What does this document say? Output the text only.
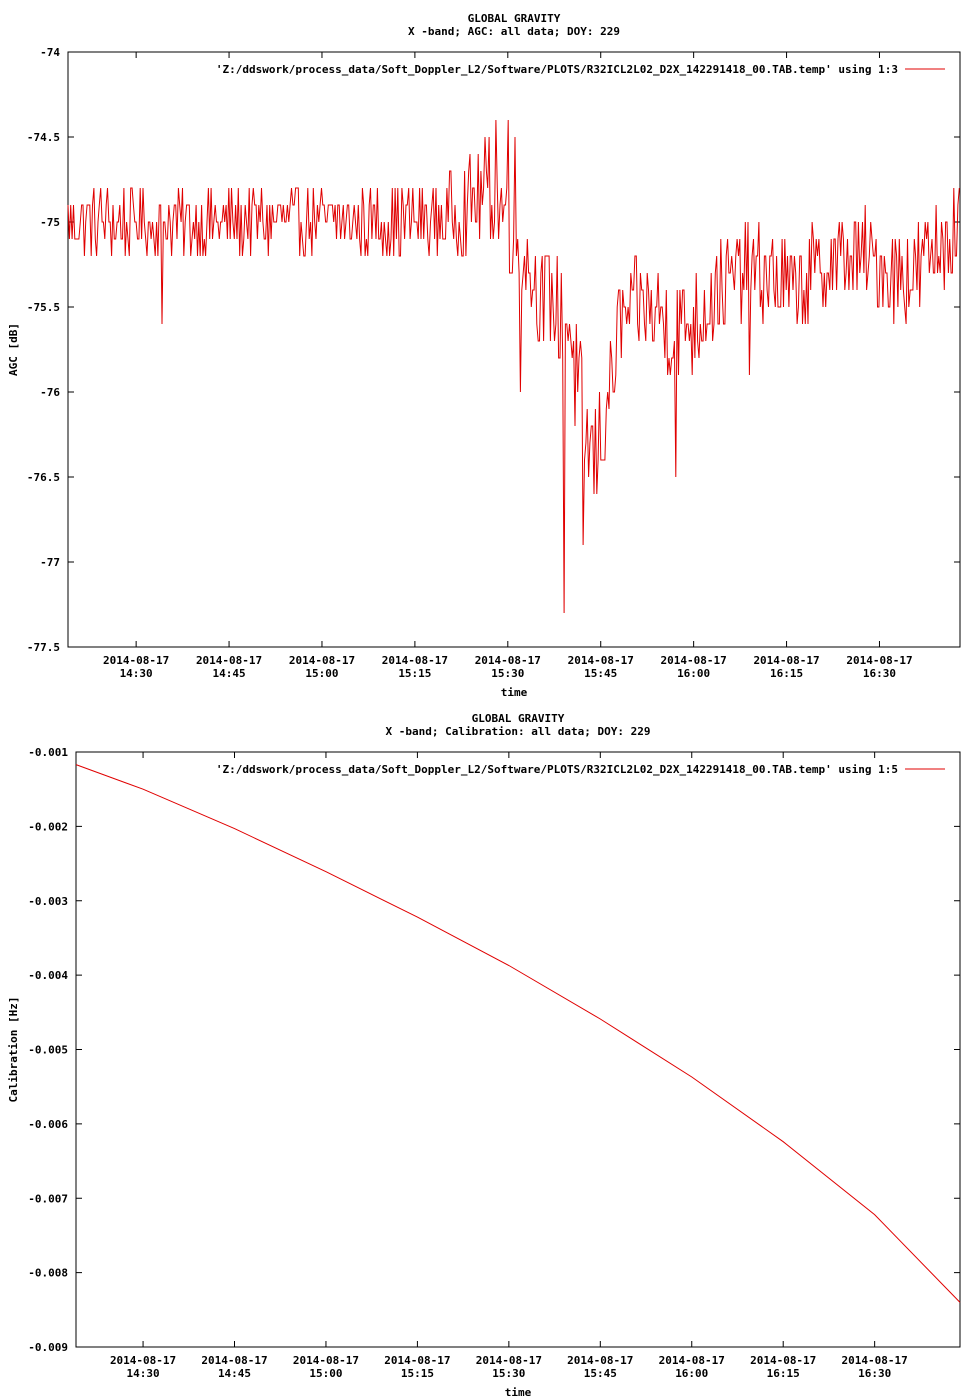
GLOBAL GRAVITY
X -band; AGC: all data; DOY: 229
-74
-74.5
-75
-75.5
-76
-76.5
-77
-77.5
2014-08-17
14:30
2014-08-17
14:45
2014-08-17
15:00
2014-08-17
15:15
2014-08-17
15:30
2014-08-17
15:45
2014-08-17
16:00
2014-08-17
16:15
2014-08-17
16:30
time
AGC [dB]
'Z:/ddswork/process_data/Soft_Doppler_L2/Software/PLOTS/R32ICL2L02_D2X_142291418_00.TAB.temp' using 1:3
GLOBAL GRAVITY
X -band; Calibration: all data; DOY: 229
-0.001
-0.002
-0.003
-0.004
-0.005
-0.006
-0.007
-0.008
-0.009
2014-08-17
14:30
2014-08-17
14:45
2014-08-17
15:00
2014-08-17
15:15
2014-08-17
15:30
2014-08-17
15:45
2014-08-17
16:00
2014-08-17
16:15
2014-08-17
16:30
time
Calibration [Hz]
'Z:/ddswork/process_data/Soft_Doppler_L2/Software/PLOTS/R32ICL2L02_D2X_142291418_00.TAB.temp' using 1:5
